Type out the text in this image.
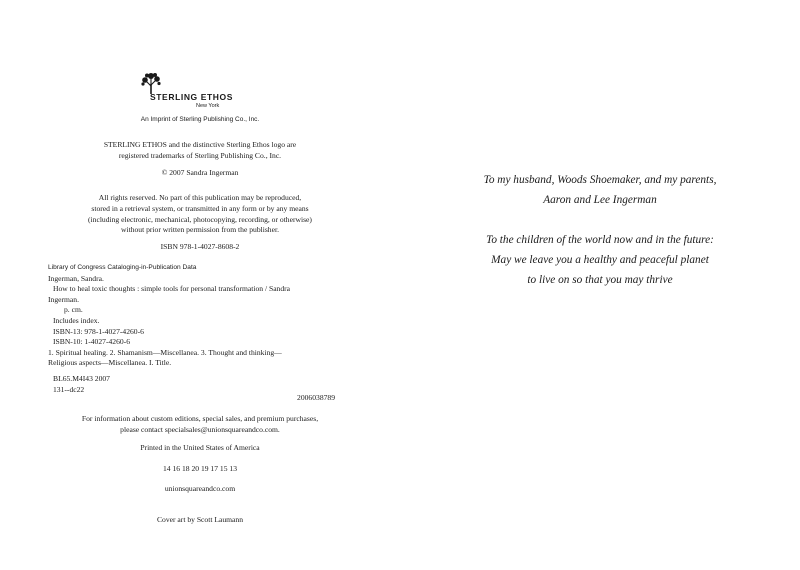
STERLING ETHOS
New York
An Imprint of Sterling Publishing Co., Inc.
STERLING ETHOS and the distinctive Sterling Ethos logo are
registered trademarks of Sterling Publishing Co., Inc.
© 2007 Sandra Ingerman
All rights reserved. No part of this publication may be reproduced,
stored in a retrieval system, or transmitted in any form or by any means
(including electronic, mechanical, photocopying, recording, or otherwise)
without prior written permission from the publisher.
ISBN 978-1-4027-8608-2
Library of Congress Cataloging-in-Publication Data
Ingerman, Sandra.
How to heal toxic thoughts : simple tools for personal transformation / Sandra
Ingerman.
p. cm.
Includes index.
ISBN-13: 978-1-4027-4260-6
ISBN-10: 1-4027-4260-6
1. Spiritual healing. 2. Shamanism—Miscellanea. 3. Thought and thinking—
Religious aspects—Miscellanea. I. Title.
BL65.M4I43 2007
131--dc22
2006038789
For information about custom editions, special sales, and premium purchases,
please contact specialsales@unionsquareandco.com.
Printed in the United States of America
14 16 18 20 19 17 15 13
unionsquareandco.com
Cover art by Scott Laumann
To my husband, Woods Shoemaker, and my parents,
Aaron and Lee Ingerman
To the children of the world now and in the future:
May we leave you a healthy and peaceful planet
to live on so that you may thrive
